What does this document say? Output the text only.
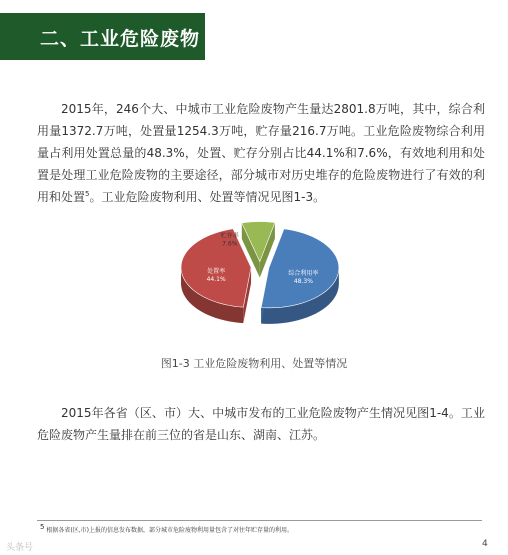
二、工业危险废物
2015年，246个大、中城市工业危险废物产生量达2801.8万吨，其中，综合利用量1372.7万吨，处置量1254.3万吨，贮存量216.7万吨。工业危险废物综合利用量占利用处置总量的48.3%，处置、贮存分别占比44.1%和7.6%，有效地利用和处置是处理工业危险废物的主要途径，部分城市对历史堆存的危险废物进行了有效的利用和处置$^5$。工业危险废物利用、处置等情况见图1-3。
贮存率
7.6%
综合利用率
48.3%
处置率
44.1%
图1-3 工业危险废物利用、处置等情况
2015年各省（区、市）大、中城市发布的工业危险废物产生情况见图1-4。工业危险废物产生量排在前三位的省是山东、湖南、江苏。
$^5$ 根据各省(区,市)上报的信息发布数据，部分城市危险废物利用量包含了对往年贮存量的利用。
头条号	4
